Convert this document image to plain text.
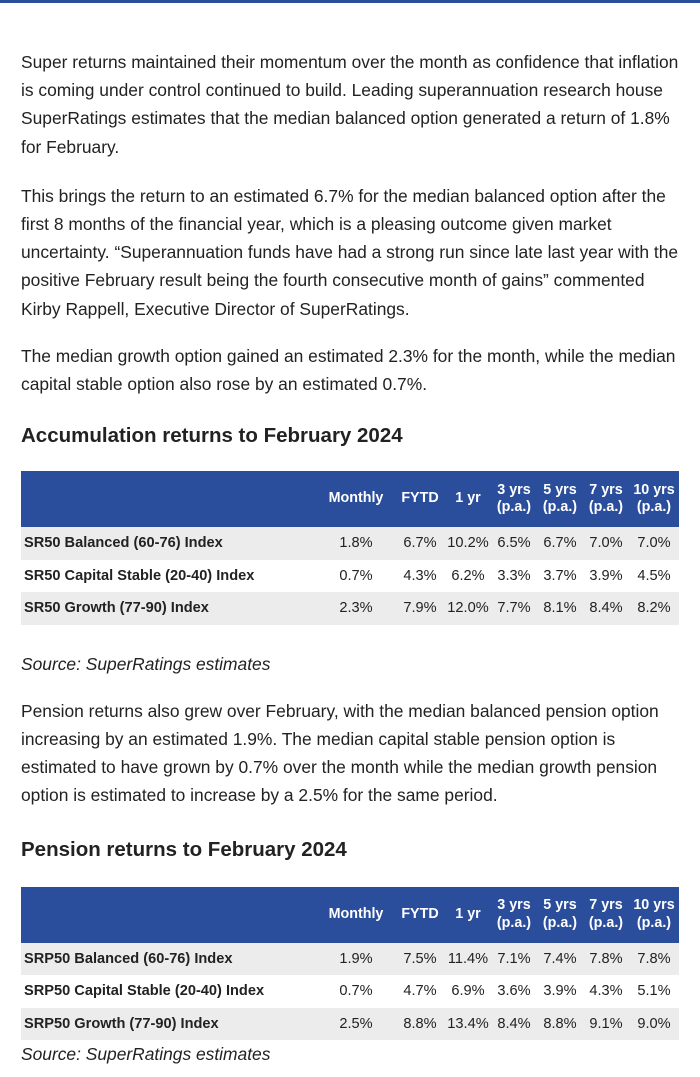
Super returns maintained their momentum over the month as confidence that inflation is coming under control continued to build. Leading superannuation research house SuperRatings estimates that the median balanced option generated a return of 1.8% for February.

This brings the return to an estimated 6.7% for the median balanced option after the first 8 months of the financial year, which is a pleasing outcome given market uncertainty. “Superannuation funds have had a strong run since late last year with the positive February result being the fourth consecutive month of gains” commented Kirby Rappell, Executive Director of SuperRatings.

The median growth option gained an estimated 2.3% for the month, while the median capital stable option also rose by an estimated 0.7%.

Accumulation returns to February 2024
	Monthly	FYTD	1 yr	3 yrs (p.a.)	5 yrs (p.a.)	7 yrs (p.a.)	10 yrs (p.a.)
SR50 Balanced (60-76) Index	1.8%	6.7%	10.2%	6.5%	6.7%	7.0%	7.0%
SR50 Capital Stable (20-40) Index	0.7%	4.3%	6.2%	3.3%	3.7%	3.9%	4.5%
SR50 Growth (77-90) Index	2.3%	7.9%	12.0%	7.7%	8.1%	8.4%	8.2%

Source: SuperRatings estimates

Pension returns also grew over February, with the median balanced pension option increasing by an estimated 1.9%. The median capital stable pension option is estimated to have grown by 0.7% over the month while the median growth pension option is estimated to increase by a 2.5% for the same period.

Pension returns to February 2024
	Monthly	FYTD	1 yr	3 yrs (p.a.)	5 yrs (p.a.)	7 yrs (p.a.)	10 yrs (p.a.)
SRP50 Balanced (60-76) Index	1.9%	7.5%	11.4%	7.1%	7.4%	7.8%	7.8%
SRP50 Capital Stable (20-40) Index	0.7%	4.7%	6.9%	3.6%	3.9%	4.3%	5.1%
SRP50 Growth (77-90) Index	2.5%	8.8%	13.4%	8.4%	8.8%	9.1%	9.0%

Source: SuperRatings estimates
